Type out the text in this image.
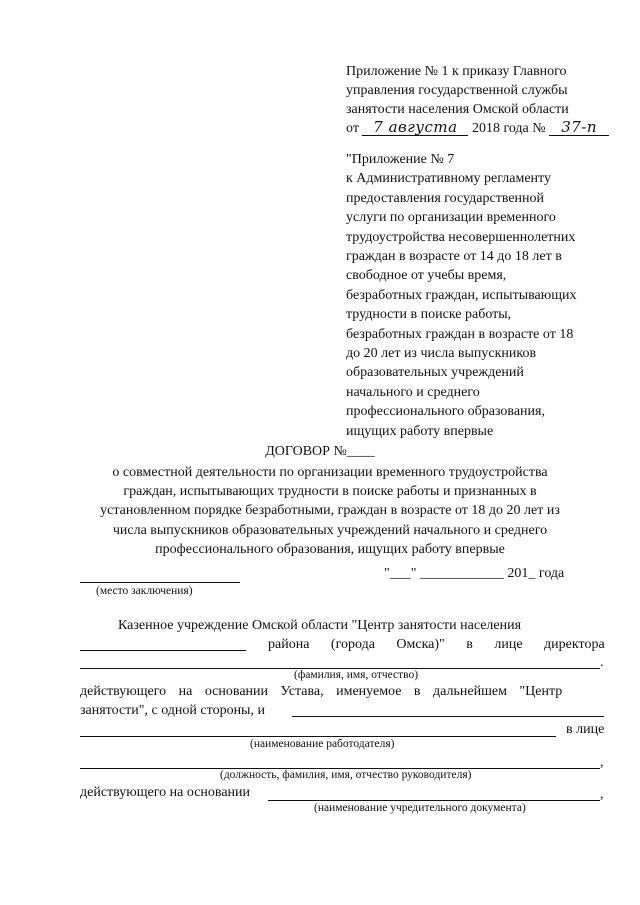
Приложение № 1 к приказу Главного
управления государственной службы
занятости населения Омской области
от 7 августа 2018 года № 37-п
"Приложение № 7
к Административному регламенту
предоставления государственной
услуги по организации временного
трудоустройства несовершеннолетних
граждан в возрасте от 14 до 18 лет в
свободное от учебы время,
безработных граждан, испытывающих
трудности в поиске работы,
безработных граждан в возрасте от 18
до 20 лет из числа выпускников
образовательных учреждений
начального и среднего
профессионального образования,
ищущих работу впервые
ДОГОВОР №____
о совместной деятельности по организации временного трудоустройства
граждан, испытывающих трудности в поиске работы и признанных в
установленном порядке безработными, граждан в возрасте от 18 до 20 лет из
числа выпускников образовательных учреждений начального и среднего
профессионального образования, ищущих работу впервые
"___" ____________ 201_ года
(место заключения)
Казенное учреждение Омской области "Центр занятости населения
района (города Омска)" в лице директора
.
(фамилия, имя, отчество)
действующего на основании Устава, именуемое в дальнейшем "Центр
занятости", с одной стороны, и
в лице
(наименование работодателя)
,
(должность, фамилия, имя, отчество руководителя)
действующего на основании	,
(наименование учредительного документа)
